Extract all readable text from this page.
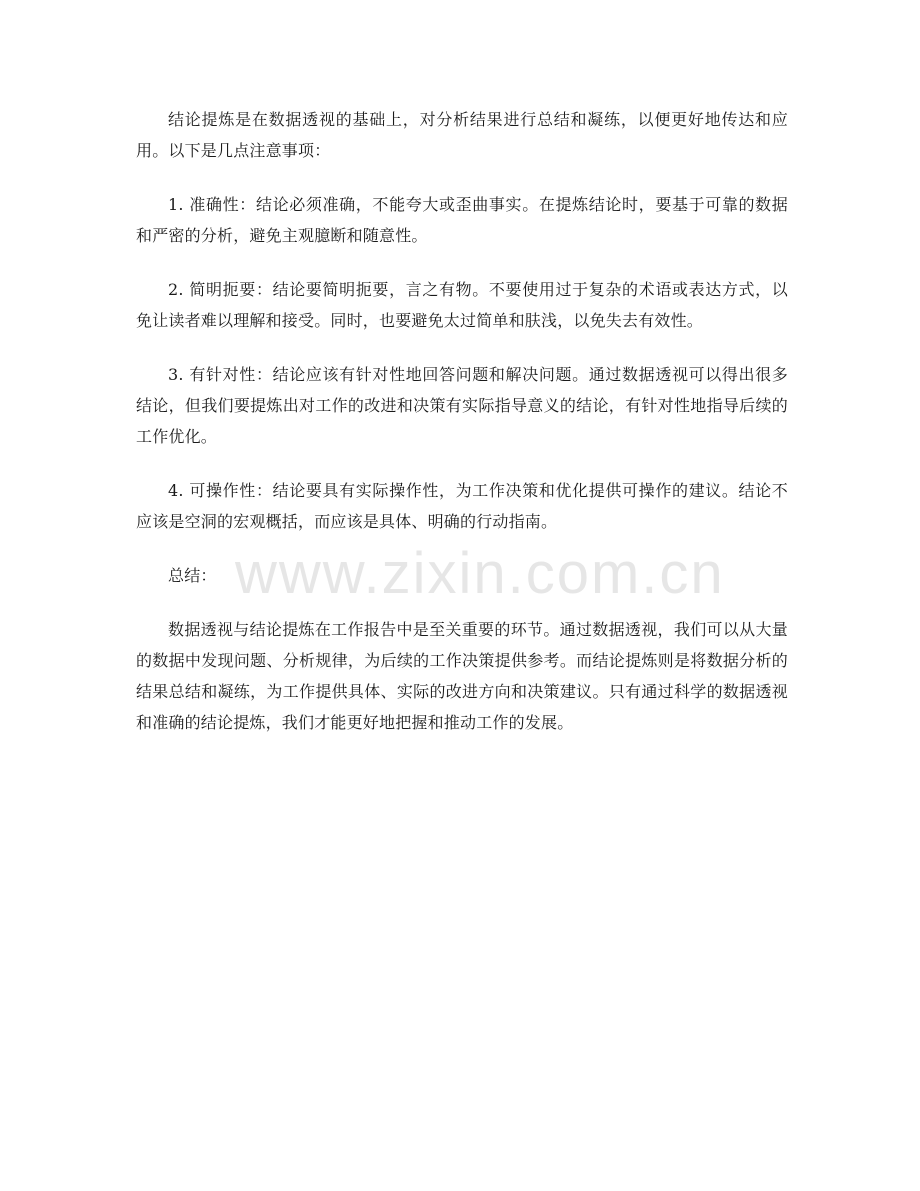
结论提炼是在数据透视的基础上，对分析结果进行总结和凝练，以便更好地传达和应用。以下是几点注意事项：

1. 准确性：结论必须准确，不能夸大或歪曲事实。在提炼结论时，要基于可靠的数据和严密的分析，避免主观臆断和随意性。

2. 简明扼要：结论要简明扼要，言之有物。不要使用过于复杂的术语或表达方式，以免让读者难以理解和接受。同时，也要避免太过简单和肤浅，以免失去有效性。

3. 有针对性：结论应该有针对性地回答问题和解决问题。通过数据透视可以得出很多结论，但我们要提炼出对工作的改进和决策有实际指导意义的结论，有针对性地指导后续的工作优化。

4. 可操作性：结论要具有实际操作性，为工作决策和优化提供可操作的建议。结论不应该是空洞的宏观概括，而应该是具体、明确的行动指南。

总结：

数据透视与结论提炼在工作报告中是至关重要的环节。通过数据透视，我们可以从大量的数据中发现问题、分析规律，为后续的工作决策提供参考。而结论提炼则是将数据分析的结果总结和凝练，为工作提供具体、实际的改进方向和决策建议。只有通过科学的数据透视和准确的结论提炼，我们才能更好地把握和推动工作的发展。

www.zixin.com.cn
